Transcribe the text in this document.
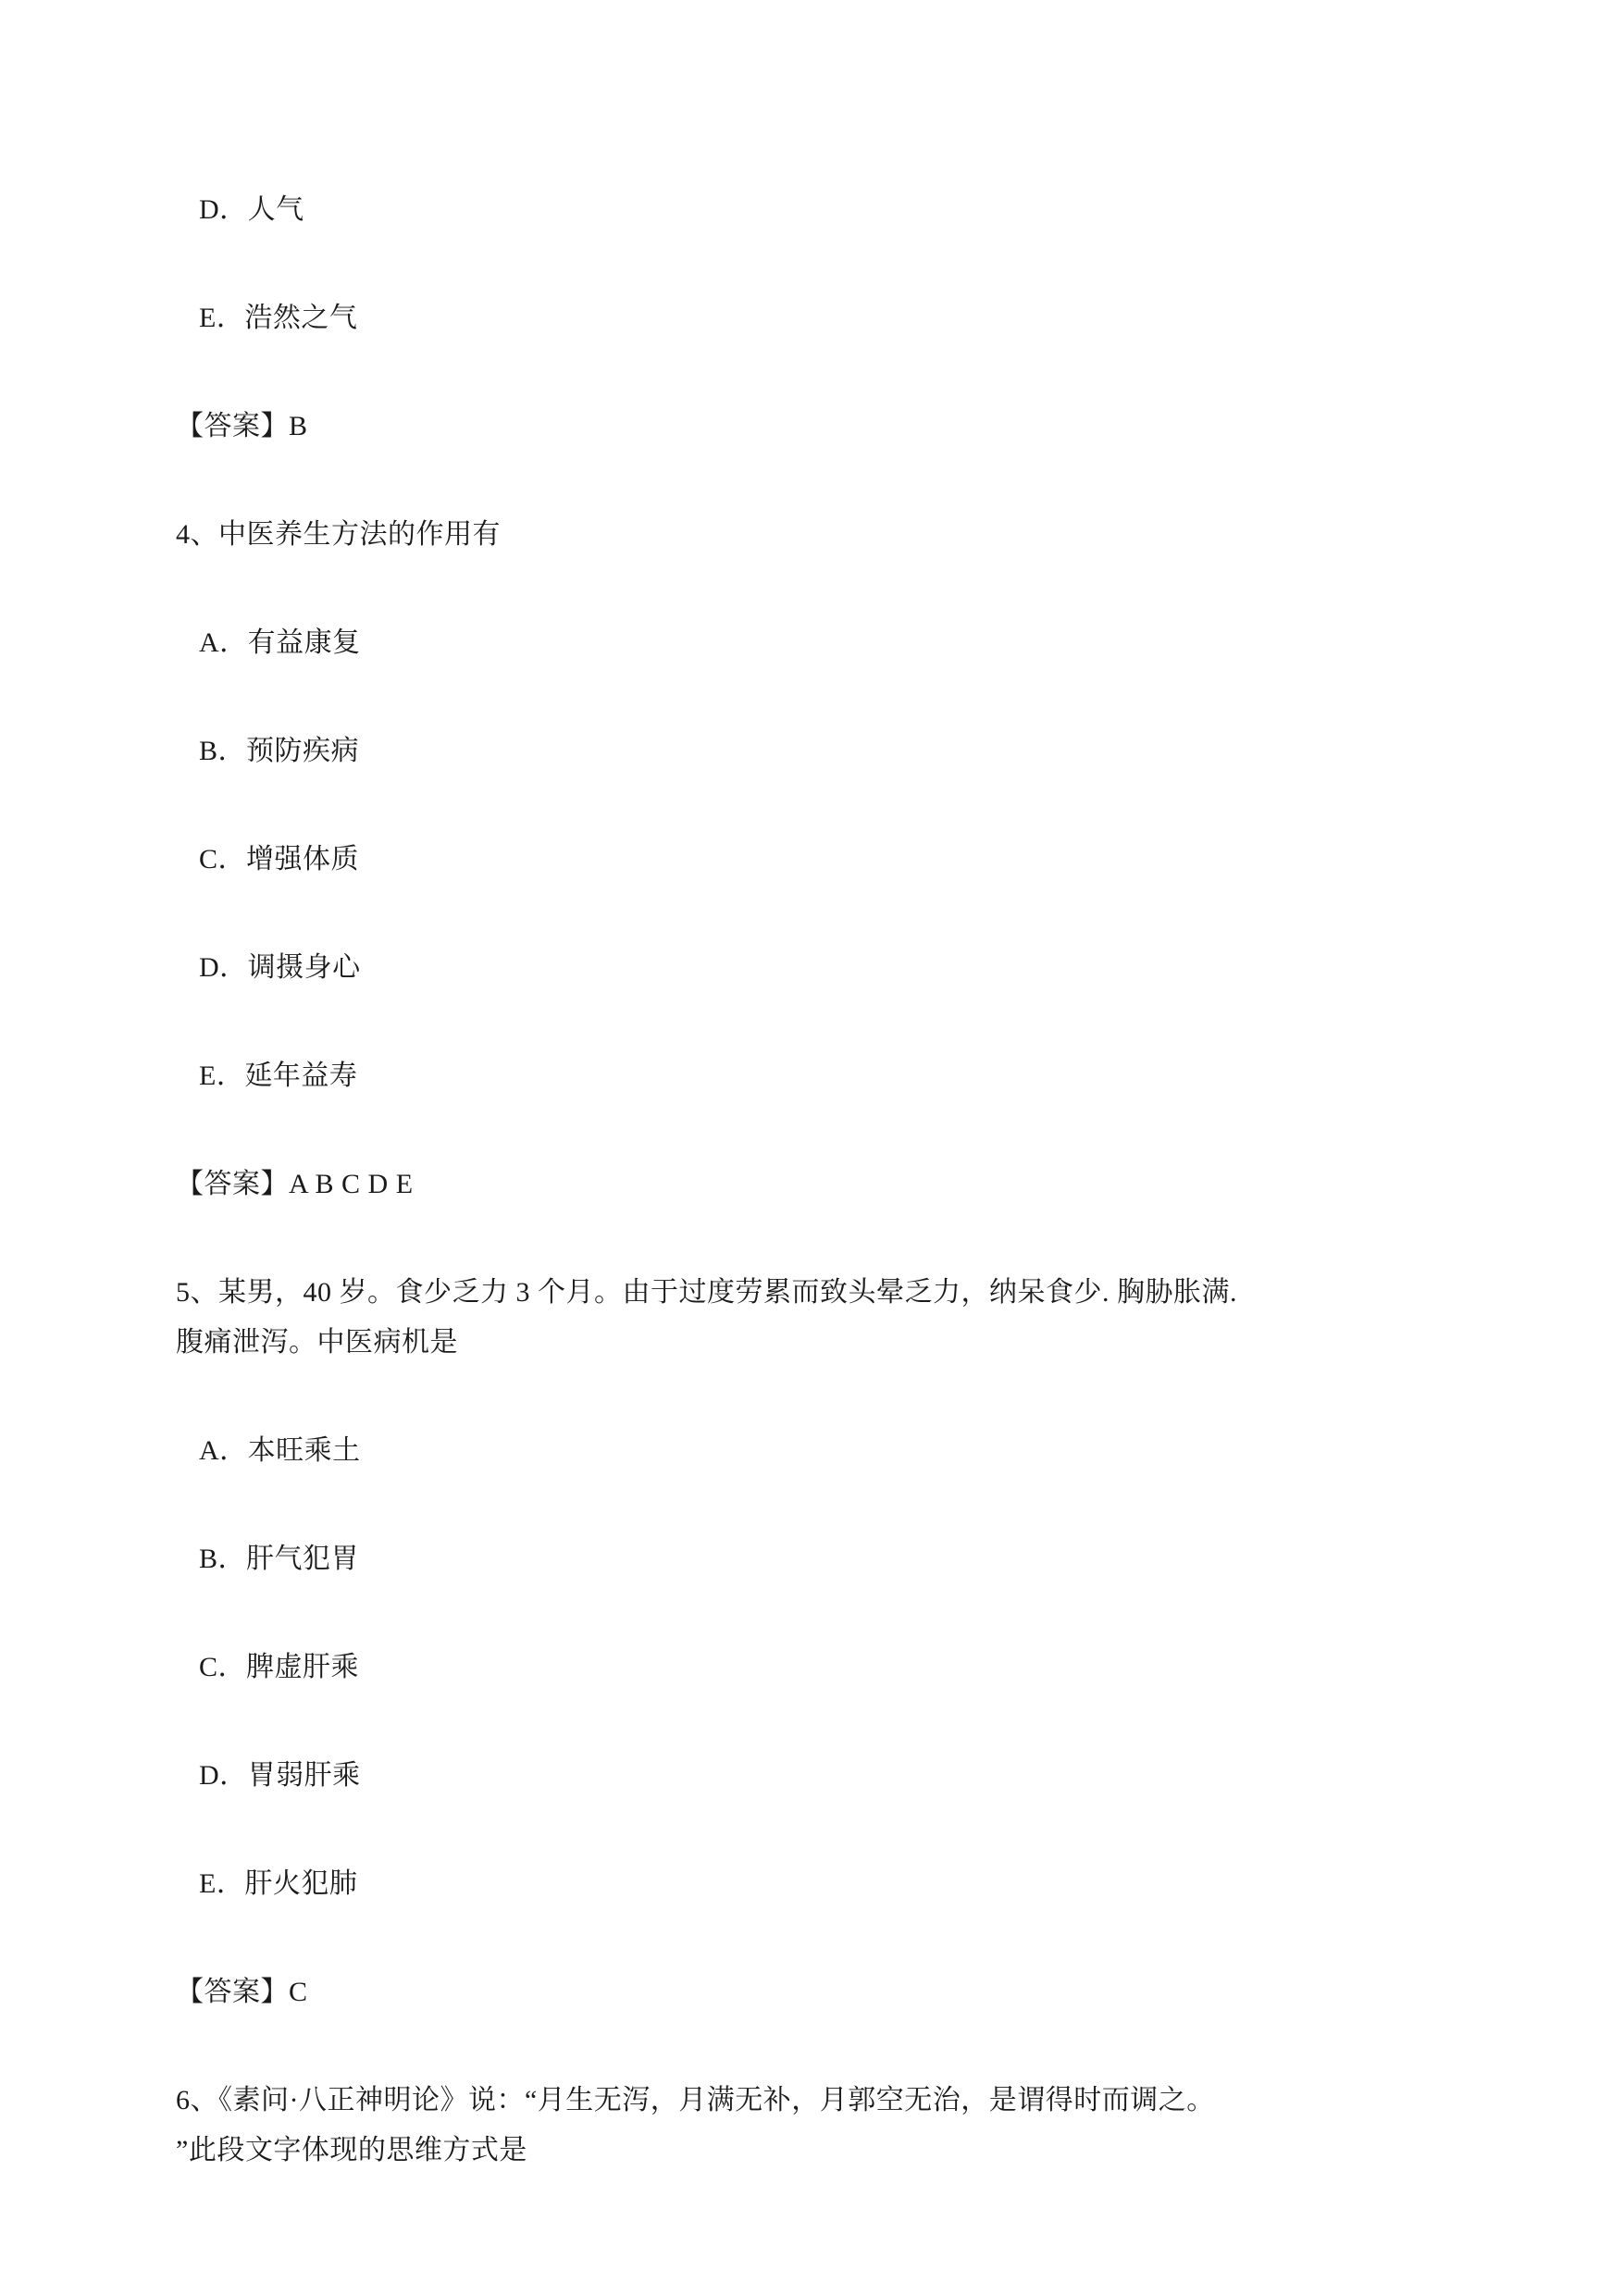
D．人气
E．浩然之气
【答案】B
4、中医养生方法的作用有
A．有益康复
B．预防疾病
C．增强体质
D．调摄身心
E．延年益寿
【答案】A B C D E
5、某男，40 岁。食少乏力 3 个月。由于过度劳累而致头晕乏力，纳呆食少. 胸胁胀满.
腹痛泄泻。中医病机是
A．本旺乘土
B．肝气犯胃
C．脾虚肝乘
D．胃弱肝乘
E．肝火犯肺
【答案】C
6、《素问·八正神明论》说：“月生无泻，月满无补，月郭空无治，是谓得时而调之。
”此段文字体现的思维方式是
